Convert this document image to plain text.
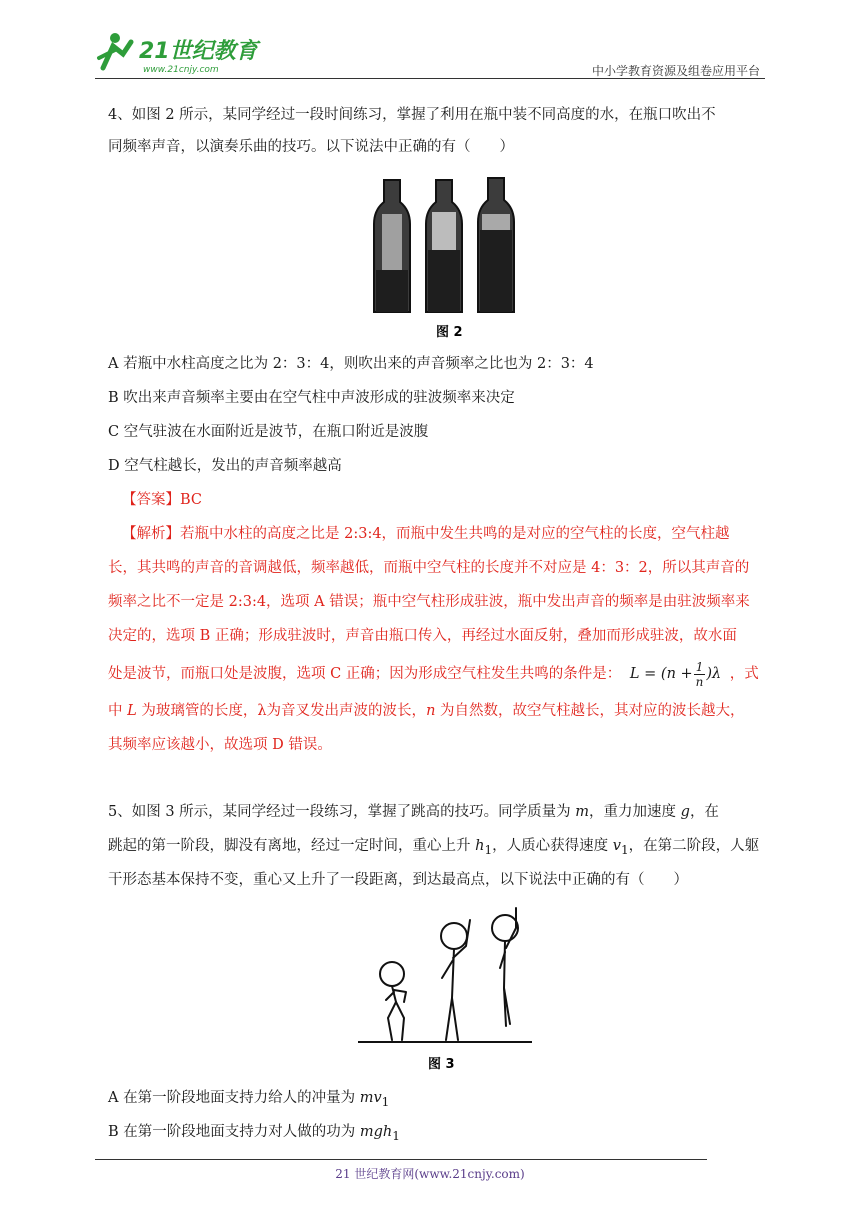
21世纪教育
www.21cnjy.com	中小学教育资源及组卷应用平台
4、如图 2 所示，某同学经过一段时间练习，掌握了利用在瓶中装不同高度的水，在瓶口吹出不
同频率声音，以演奏乐曲的技巧。以下说法中正确的有（　　）
图 2
A 若瓶中水柱高度之比为 2：3：4，则吹出来的声音频率之比也为 2：3：4
B 吹出来声音频率主要由在空气柱中声波形成的驻波频率来决定
C 空气驻波在水面附近是波节，在瓶口附近是波腹
D 空气柱越长，发出的声音频率越高
【答案】BC
【解析】若瓶中水柱的高度之比是 2:3:4，而瓶中发生共鸣的是对应的空气柱的长度，空气柱越
长，其共鸣的声音的音调越低，频率越低，而瓶中空气柱的长度并不对应是 4：3：2，所以其声音的
频率之比不一定是 2:3:4，选项 A 错误；瓶中空气柱形成驻波，瓶中发出声音的频率是由驻波频率来
决定的，选项 B 正确；形成驻波时，声音由瓶口传入，再经过水面反射，叠加而形成驻波，故水面
处是波节，而瓶口处是波腹，选项 C 正确；因为形成空气柱发生共鸣的条件是： $L = (n + \frac{1}{n} )\lambda$ ，式
中 L 为玻璃管的长度，λ为音叉发出声波的波长，n 为自然数，故空气柱越长，其对应的波长越大，
其频率应该越小，故选项 D 错误。
5、如图 3 所示，某同学经过一段练习，掌握了跳高的技巧。同学质量为 m，重力加速度 g，在
跳起的第一阶段，脚没有离地，经过一定时间，重心上升 $h_1$，人质心获得速度 $v_1$，在第二阶段，人躯
干形态基本保持不变，重心又上升了一段距离，到达最高点，以下说法中正确的有（　　）
图 3
A 在第一阶段地面支持力给人的冲量为 $mv_1$
B 在第一阶段地面支持力对人做的功为 mgh$_1$
21 世纪教育网(www.21cnjy.com)
